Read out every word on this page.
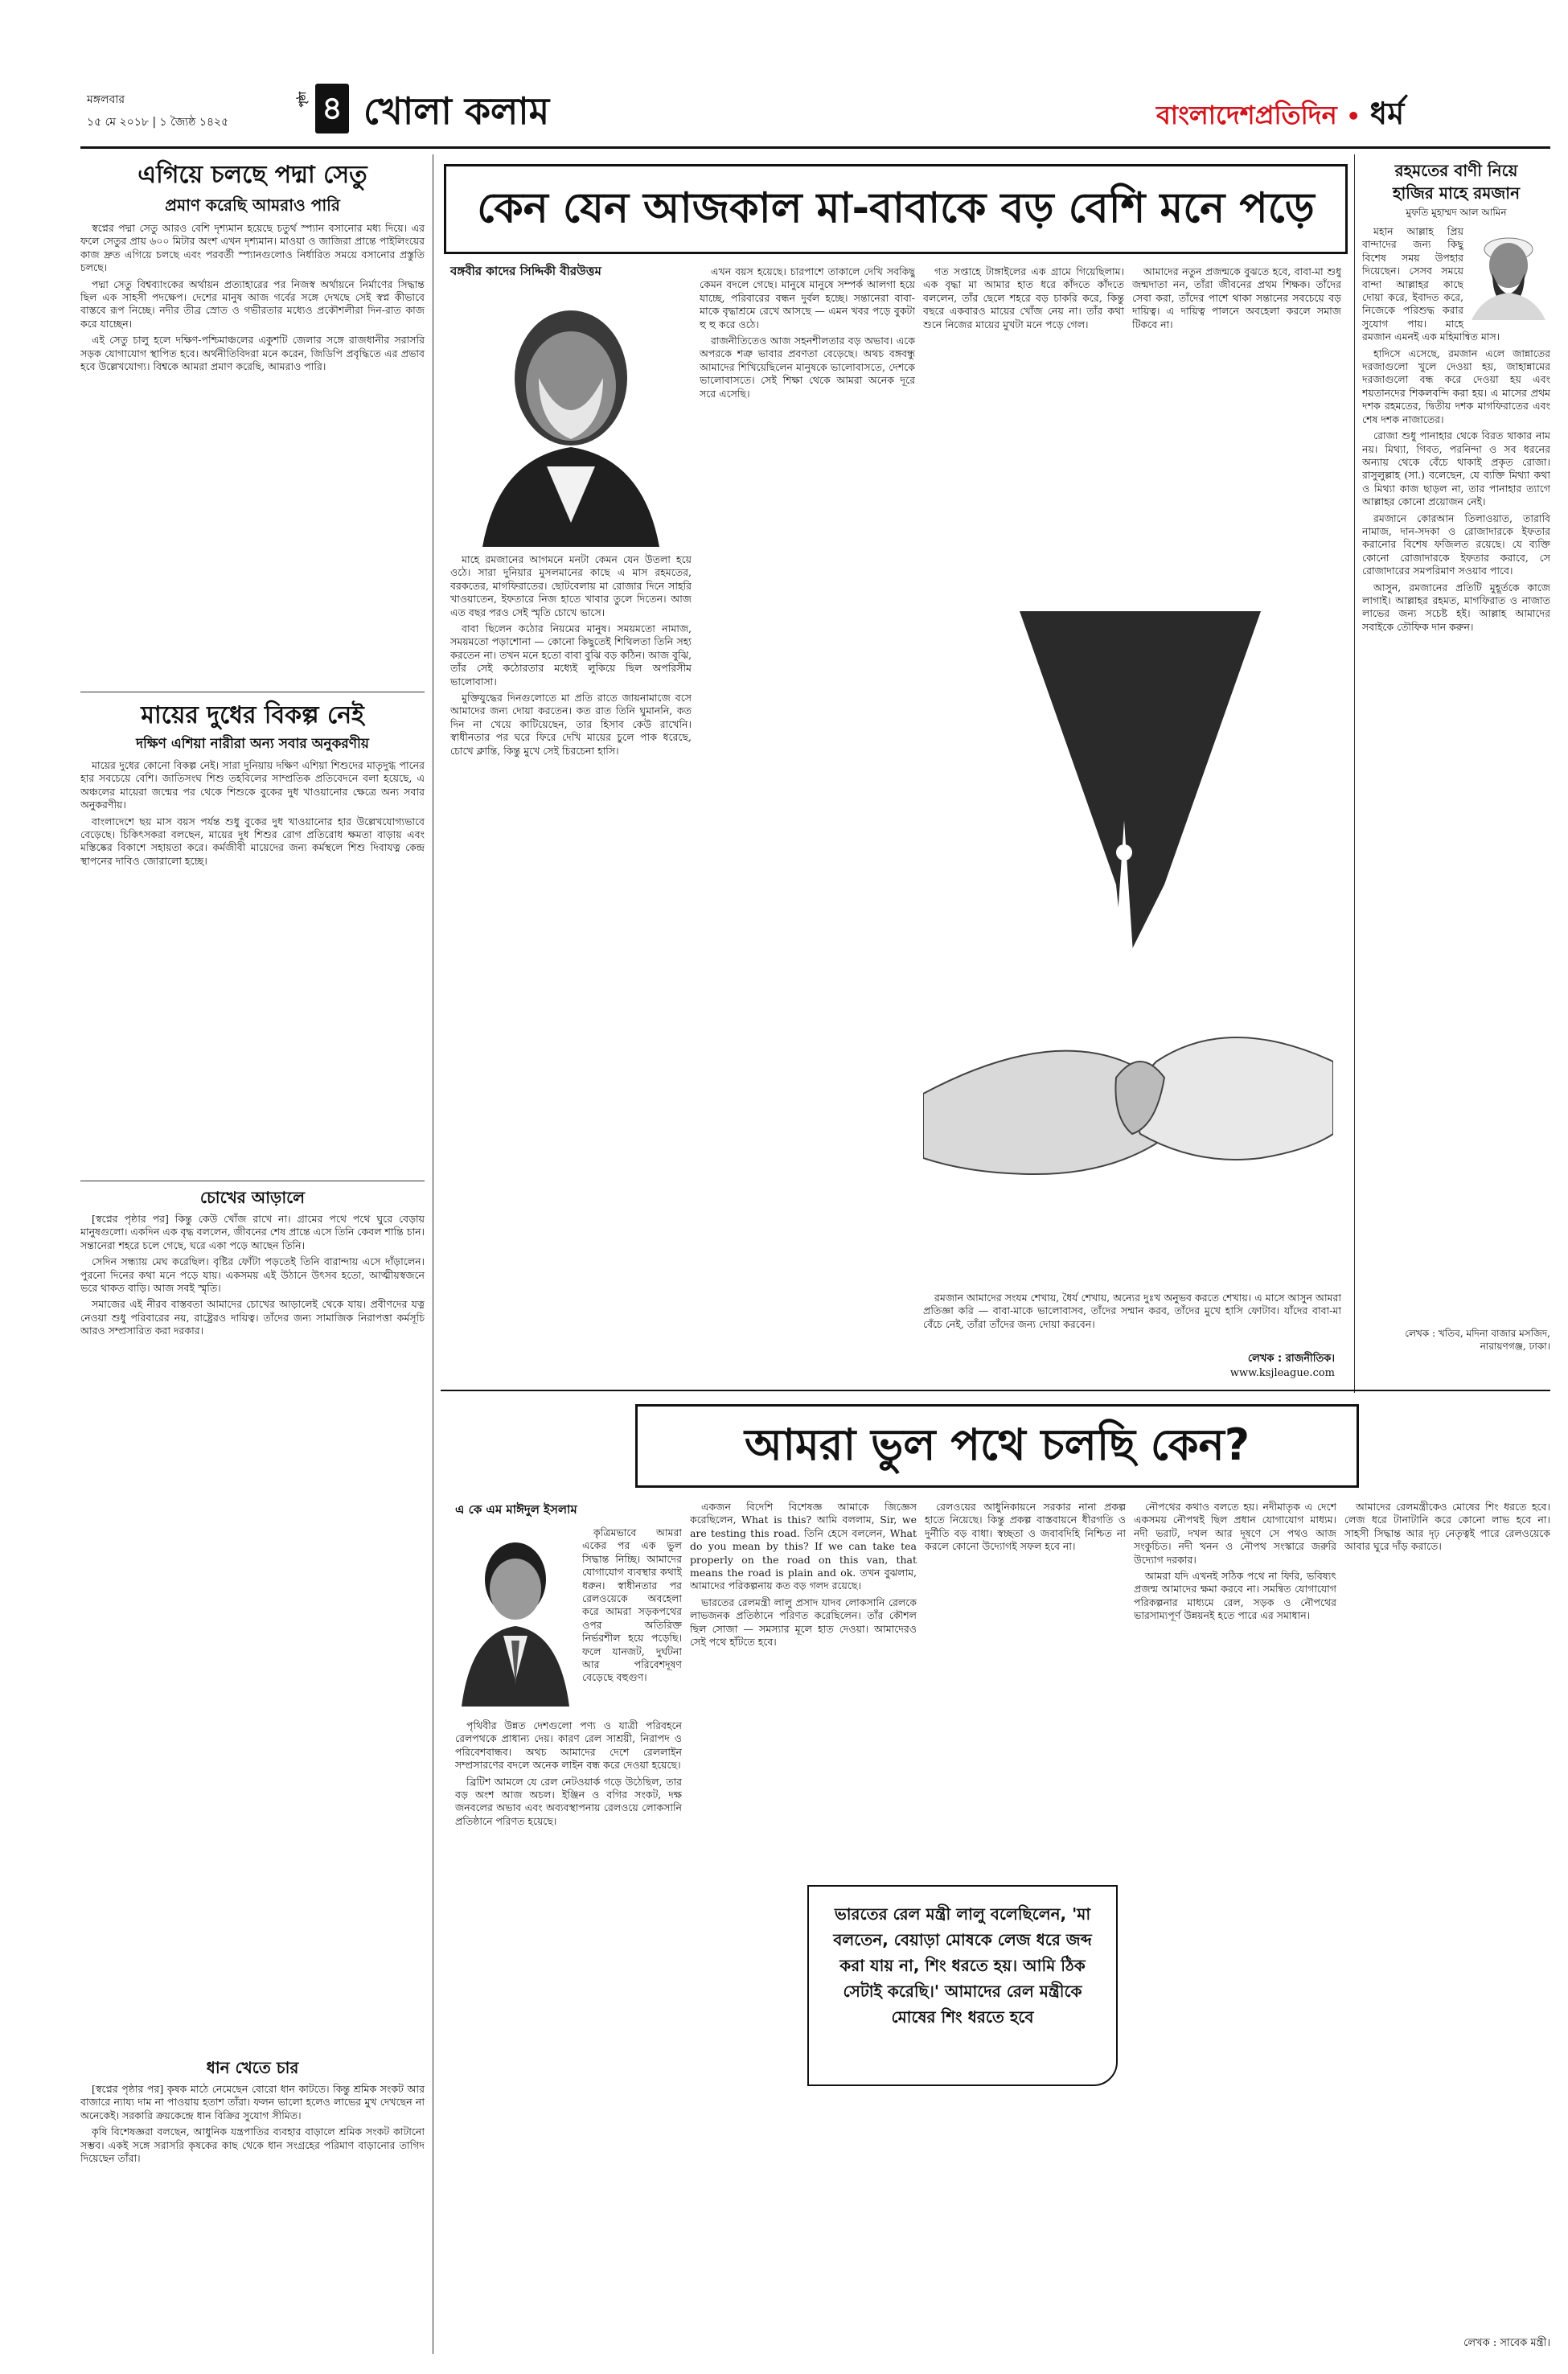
মঙ্গলবার
১৫ মে ২০১৮ | ১ জ্যৈষ্ঠ ১৪২৫
পৃষ্ঠা ৪ খোলা কলাম	বাংলাদেশপ্রতিদিন • ধর্ম
এগিয়ে চলছে পদ্মা সেতু
প্রমাণ করেছি আমরাও পারি

স্বপ্নের পদ্মা সেতু আরও বেশি দৃশ্যমান হয়েছে চতুর্থ স্প্যান বসানোর মধ্য দিয়ে। এর ফলে সেতুর প্রায় ৬০০ মিটার অংশ এখন দৃশ্যমান। মাওয়া ও জাজিরা প্রান্তে পাইলিংয়ের কাজ দ্রুত এগিয়ে চলছে এবং পরবর্তী স্প্যানগুলোও নির্ধারিত সময়ে বসানোর প্রস্তুতি চলছে।

পদ্মা সেতু বিশ্বব্যাংকের অর্থায়ন প্রত্যাহারের পর নিজস্ব অর্থায়নে নির্মাণের সিদ্ধান্ত ছিল এক সাহসী পদক্ষেপ। দেশের মানুষ আজ গর্বের সঙ্গে দেখছে সেই স্বপ্ন কীভাবে বাস্তবে রূপ নিচ্ছে। নদীর তীব্র স্রোত ও গভীরতার মধ্যেও প্রকৌশলীরা দিন-রাত কাজ করে যাচ্ছেন।

এই সেতু চালু হলে দক্ষিণ-পশ্চিমাঞ্চলের একুশটি জেলার সঙ্গে রাজধানীর সরাসরি সড়ক যোগাযোগ স্থাপিত হবে। অর্থনীতিবিদরা মনে করেন, জিডিপি প্রবৃদ্ধিতে এর প্রভাব হবে উল্লেখযোগ্য। বিশ্বকে আমরা প্রমাণ করেছি, আমরাও পারি।

মায়ের দুধের বিকল্প নেই
দক্ষিণ এশিয়া নারীরা অন্য সবার অনুকরণীয়

মায়ের দুধের কোনো বিকল্প নেই। সারা দুনিয়ায় দক্ষিণ এশিয়া শিশুদের মাতৃদুগ্ধ পানের হার সবচেয়ে বেশি। জাতিসংঘ শিশু তহবিলের সাম্প্রতিক প্রতিবেদনে বলা হয়েছে, এ অঞ্চলের মায়েরা জন্মের পর থেকে শিশুকে বুকের দুধ খাওয়ানোর ক্ষেত্রে অন্য সবার অনুকরণীয়।

বাংলাদেশে ছয় মাস বয়স পর্যন্ত শুধু বুকের দুধ খাওয়ানোর হার উল্লেখযোগ্যভাবে বেড়েছে। চিকিৎসকরা বলছেন, মায়ের দুধ শিশুর রোগ প্রতিরোধ ক্ষমতা বাড়ায় এবং মস্তিষ্কের বিকাশে সহায়তা করে। কর্মজীবী মায়েদের জন্য কর্মস্থলে শিশু দিবাযত্ন কেন্দ্র স্থাপনের দাবিও জোরালো হচ্ছে।

চোখের আড়ালে

[স্বপ্নের পৃষ্ঠার পর] কিন্তু কেউ খোঁজ রাখে না। গ্রামের পথে পথে ঘুরে বেড়ায় মানুষগুলো। একদিন এক বৃদ্ধ বললেন, জীবনের শেষ প্রান্তে এসে তিনি কেবল শান্তি চান। সন্তানেরা শহরে চলে গেছে, ঘরে একা পড়ে আছেন তিনি।

সেদিন সন্ধ্যায় মেঘ করেছিল। বৃষ্টির ফোঁটা পড়তেই তিনি বারান্দায় এসে দাঁড়ালেন। পুরনো দিনের কথা মনে পড়ে যায়। একসময় এই উঠানে উৎসব হতো, আত্মীয়স্বজনে ভরে থাকত বাড়ি। আজ সবই স্মৃতি।

সমাজের এই নীরব বাস্তবতা আমাদের চোখের আড়ালেই থেকে যায়। প্রবীণদের যত্ন নেওয়া শুধু পরিবারের নয়, রাষ্ট্রেরও দায়িত্ব। তাঁদের জন্য সামাজিক নিরাপত্তা কর্মসূচি আরও সম্প্রসারিত করা দরকার।

ধান খেতে চার

[স্বপ্নের পৃষ্ঠার পর] কৃষক মাঠে নেমেছেন বোরো ধান কাটতে। কিন্তু শ্রমিক সংকট আর বাজারে ন্যায্য দাম না পাওয়ায় হতাশ তাঁরা। ফলন ভালো হলেও লাভের মুখ দেখছেন না অনেকেই। সরকারি ক্রয়কেন্দ্রে ধান বিক্রির সুযোগ সীমিত।

কৃষি বিশেষজ্ঞরা বলছেন, আধুনিক যন্ত্রপাতির ব্যবহার বাড়ালে শ্রমিক সংকট কাটানো সম্ভব। একই সঙ্গে সরাসরি কৃষকের কাছ থেকে ধান সংগ্রহের পরিমাণ বাড়ানোর তাগিদ দিয়েছেন তাঁরা।

কেন যেন আজকাল মা-বাবাকে বড় বেশি মনে পড়ে
বঙ্গবীর কাদের সিদ্দিকী বীরউত্তম

মাহে রমজানের আগমনে মনটা কেমন যেন উতলা হয়ে ওঠে। সারা দুনিয়ার মুসলমানের কাছে এ মাস রহমতের, বরকতের, মাগফিরাতের। ছোটবেলায় মা রোজার দিনে সাহরি খাওয়াতেন, ইফতারে নিজ হাতে খাবার তুলে দিতেন। আজ এত বছর পরও সেই স্মৃতি চোখে ভাসে।

বাবা ছিলেন কঠোর নিয়মের মানুষ। সময়মতো নামাজ, সময়মতো পড়াশোনা — কোনো কিছুতেই শিথিলতা তিনি সহ্য করতেন না। তখন মনে হতো বাবা বুঝি বড় কঠিন। আজ বুঝি, তাঁর সেই কঠোরতার মধ্যেই লুকিয়ে ছিল অপরিসীম ভালোবাসা।

মুক্তিযুদ্ধের দিনগুলোতে মা প্রতি রাতে জায়নামাজে বসে আমাদের জন্য দোয়া করতেন। কত রাত তিনি ঘুমাননি, কত দিন না খেয়ে কাটিয়েছেন, তার হিসাব কেউ রাখেনি। স্বাধীনতার পর ঘরে ফিরে দেখি মায়ের চুলে পাক ধরেছে, চোখে ক্লান্তি, কিন্তু মুখে সেই চিরচেনা হাসি।

এখন বয়স হয়েছে। চারপাশে তাকালে দেখি সবকিছু কেমন বদলে গেছে। মানুষে মানুষে সম্পর্ক আলগা হয়ে যাচ্ছে, পরিবারের বন্ধন দুর্বল হচ্ছে। সন্তানেরা বাবা-মাকে বৃদ্ধাশ্রমে রেখে আসছে — এমন খবর পড়ে বুকটা হু হু করে ওঠে।

রাজনীতিতেও আজ সহনশীলতার বড় অভাব। একে অপরকে শত্রু ভাবার প্রবণতা বেড়েছে। অথচ বঙ্গবন্ধু আমাদের শিখিয়েছিলেন মানুষকে ভালোবাসতে, দেশকে ভালোবাসতে। সেই শিক্ষা থেকে আমরা অনেক দূরে সরে এসেছি।

গত সপ্তাহে টাঙ্গাইলের এক গ্রামে গিয়েছিলাম। এক বৃদ্ধা মা আমার হাত ধরে কাঁদতে কাঁদতে বললেন, তাঁর ছেলে শহরে বড় চাকরি করে, কিন্তু বছরে একবারও মায়ের খোঁজ নেয় না। তাঁর কথা শুনে নিজের মায়ের মুখটা মনে পড়ে গেল।

আমাদের নতুন প্রজন্মকে বুঝতে হবে, বাবা-মা শুধু জন্মদাতা নন, তাঁরা জীবনের প্রথম শিক্ষক। তাঁদের সেবা করা, তাঁদের পাশে থাকা সন্তানের সবচেয়ে বড় দায়িত্ব। এ দায়িত্ব পালনে অবহেলা করলে সমাজ টিকবে না।

রমজান আমাদের সংযম শেখায়, ধৈর্য শেখায়, অন্যের দুঃখ অনুভব করতে শেখায়। এ মাসে আসুন আমরা প্রতিজ্ঞা করি — বাবা-মাকে ভালোবাসব, তাঁদের সম্মান করব, তাঁদের মুখে হাসি ফোটাব। যাঁদের বাবা-মা বেঁচে নেই, তাঁরা তাঁদের জন্য দোয়া করবেন।

লেখক : রাজনীতিক।
www.ksjleague.com
রহমতের বাণী নিয়ে
হাজির মাহে রমজান
মুফতি মুহাম্মদ আল আমিন

মহান আল্লাহ প্রিয় বান্দাদের জন্য কিছু বিশেষ সময় উপহার দিয়েছেন। সেসব সময়ে বান্দা আল্লাহর কাছে দোয়া করে, ইবাদত করে, নিজেকে পরিশুদ্ধ করার সুযোগ পায়। মাহে রমজান এমনই এক মহিমান্বিত মাস।

হাদিসে এসেছে, রমজান এলে জান্নাতের দরজাগুলো খুলে দেওয়া হয়, জাহান্নামের দরজাগুলো বন্ধ করে দেওয়া হয় এবং শয়তানদের শিকলবন্দি করা হয়। এ মাসের প্রথম দশক রহমতের, দ্বিতীয় দশক মাগফিরাতের এবং শেষ দশক নাজাতের।

রোজা শুধু পানাহার থেকে বিরত থাকার নাম নয়। মিথ্যা, গিবত, পরনিন্দা ও সব ধরনের অন্যায় থেকে বেঁচে থাকাই প্রকৃত রোজা। রাসুলুল্লাহ (সা.) বলেছেন, যে ব্যক্তি মিথ্যা কথা ও মিথ্যা কাজ ছাড়ল না, তার পানাহার ত্যাগে আল্লাহর কোনো প্রয়োজন নেই।

রমজানে কোরআন তিলাওয়াত, তারাবি নামাজ, দান-সদকা ও রোজাদারকে ইফতার করানোর বিশেষ ফজিলত রয়েছে। যে ব্যক্তি কোনো রোজাদারকে ইফতার করাবে, সে রোজাদারের সমপরিমাণ সওয়াব পাবে।

আসুন, রমজানের প্রতিটি মুহূর্তকে কাজে লাগাই। আল্লাহর রহমত, মাগফিরাত ও নাজাত লাভের জন্য সচেষ্ট হই। আল্লাহ আমাদের সবাইকে তৌফিক দান করুন।

লেখক : খতিব, মদিনা বাজার মসজিদ, নারায়ণগঞ্জ, ঢাকা।
আমরা ভুল পথে চলছি কেন?
এ কে এম মাঈদুল ইসলাম

কৃত্রিমভাবে আমরা একের পর এক ভুল সিদ্ধান্ত নিচ্ছি। আমাদের যোগাযোগ ব্যবস্থার কথাই ধরুন। স্বাধীনতার পর রেলওয়েকে অবহেলা করে আমরা সড়কপথের ওপর অতিরিক্ত নির্ভরশীল হয়ে পড়েছি। ফলে যানজট, দুর্ঘটনা আর পরিবেশদূষণ বেড়েছে বহুগুণ।

পৃথিবীর উন্নত দেশগুলো পণ্য ও যাত্রী পরিবহনে রেলপথকে প্রাধান্য দেয়। কারণ রেল সাশ্রয়ী, নিরাপদ ও পরিবেশবান্ধব। অথচ আমাদের দেশে রেললাইন সম্প্রসারণের বদলে অনেক লাইন বন্ধ করে দেওয়া হয়েছে।

ব্রিটিশ আমলে যে রেল নেটওয়ার্ক গড়ে উঠেছিল, তার বড় অংশ আজ অচল। ইঞ্জিন ও বগির সংকট, দক্ষ জনবলের অভাব এবং অব্যবস্থাপনায় রেলওয়ে লোকসানি প্রতিষ্ঠানে পরিণত হয়েছে।

একজন বিদেশি বিশেষজ্ঞ আমাকে জিজ্ঞেস করেছিলেন, What is this? আমি বললাম, Sir, we are testing this road. তিনি হেসে বললেন, What do you mean by this? If we can take tea properly on the road on this van, that means the road is plain and ok. তখন বুঝলাম, আমাদের পরিকল্পনায় কত বড় গলদ রয়েছে।

ভারতের রেলমন্ত্রী লালু প্রসাদ যাদব লোকসানি রেলকে লাভজনক প্রতিষ্ঠানে পরিণত করেছিলেন। তাঁর কৌশল ছিল সোজা — সমস্যার মূলে হাত দেওয়া। আমাদেরও সেই পথে হাঁটতে হবে।

ভারতের রেল মন্ত্রী লালু বলেছিলেন, 'মা বলতেন, বেয়াড়া মোষকে লেজ ধরে জব্দ করা যায় না, শিং ধরতে হয়। আমি ঠিক সেটাই করেছি।' আমাদের রেল মন্ত্রীকে মোষের শিং ধরতে হবে

রেলওয়ের আধুনিকায়নে সরকার নানা প্রকল্প হাতে নিয়েছে। কিন্তু প্রকল্প বাস্তবায়নে ধীরগতি ও দুর্নীতি বড় বাধা। স্বচ্ছতা ও জবাবদিহি নিশ্চিত না করলে কোনো উদ্যোগই সফল হবে না।

নৌপথের কথাও বলতে হয়। নদীমাতৃক এ দেশে একসময় নৌপথই ছিল প্রধান যোগাযোগ মাধ্যম। নদী ভরাট, দখল আর দূষণে সে পথও আজ সংকুচিত। নদী খনন ও নৌপথ সংস্কারে জরুরি উদ্যোগ দরকার।

আমরা যদি এখনই সঠিক পথে না ফিরি, ভবিষ্যৎ প্রজন্ম আমাদের ক্ষমা করবে না। সমন্বিত যোগাযোগ পরিকল্পনার মাধ্যমে রেল, সড়ক ও নৌপথের ভারসাম্যপূর্ণ উন্নয়নই হতে পারে এর সমাধান।

আমাদের রেলমন্ত্রীকেও মোষের শিং ধরতে হবে। লেজ ধরে টানাটানি করে কোনো লাভ হবে না। সাহসী সিদ্ধান্ত আর দৃঢ় নেতৃত্বই পারে রেলওয়েকে আবার ঘুরে দাঁড় করাতে।

লেখক : সাবেক মন্ত্রী।
